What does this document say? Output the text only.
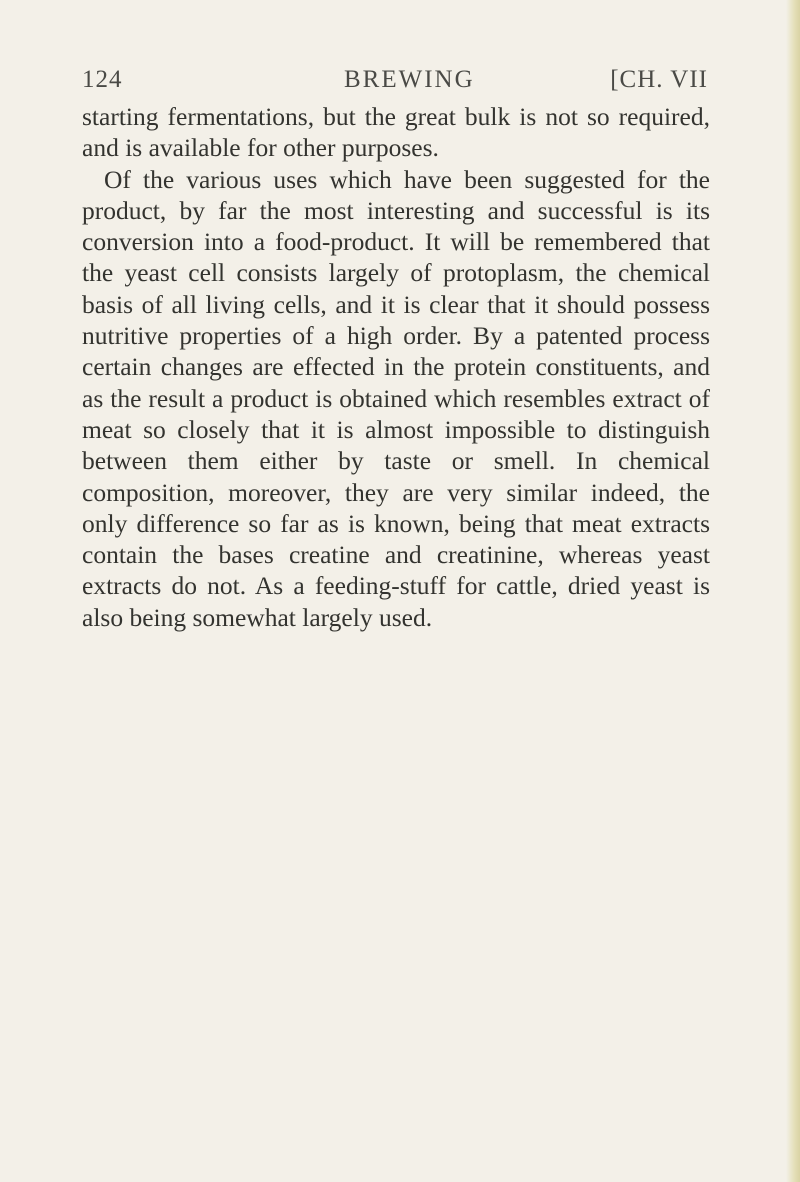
124	BREWING	[CH. VII

starting fermentations, but the great bulk is not so required, and is available for other purposes.

Of the various uses which have been suggested for the product, by far the most interesting and successful is its conversion into a food-product. It will be remembered that the yeast cell consists largely of protoplasm, the chemical basis of all living cells, and it is clear that it should possess nutritive properties of a high order. By a patented process certain changes are effected in the protein constituents, and as the result a product is obtained which resembles extract of meat so closely that it is almost impossible to distinguish between them either by taste or smell. In chemical composition, moreover, they are very similar indeed, the only difference so far as is known, being that meat extracts contain the bases creatine and creatinine, whereas yeast extracts do not. As a feeding-stuff for cattle, dried yeast is also being somewhat largely used.
